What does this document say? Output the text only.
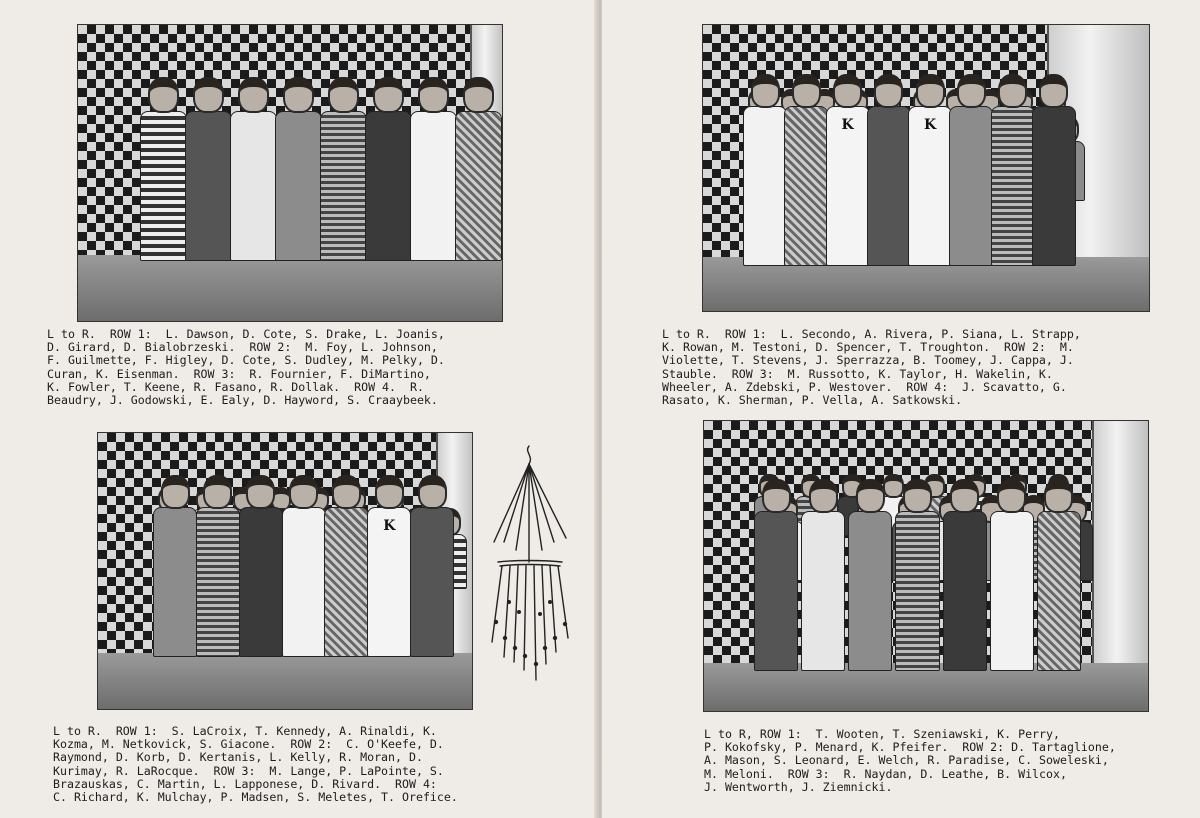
L to R.  ROW 1:  L. Dawson, D. Cote, S. Drake, L. Joanis,
D. Girard, D. Bialobrzeski.  ROW 2:  M. Foy, L. Johnson,
F. Guilmette, F. Higley, D. Cote, S. Dudley, M. Pelky, D.
Curan, K. Eisenman.  ROW 3:  R. Fournier, F. DiMartino,
K. Fowler, T. Keene, R. Fasano, R. Dollak.  ROW 4.  R.
Beaudry, J. Godowski, E. Ealy, D. Hayword, S. Craaybeek.
K
L to R.  ROW 1:  S. LaCroix, T. Kennedy, A. Rinaldi, K.
Kozma, M. Netkovick, S. Giacone.  ROW 2:  C. O'Keefe, D.
Raymond, D. Korb, D. Kertanis, L. Kelly, R. Moran, D.
Kurimay, R. LaRocque.  ROW 3:  M. Lange, P. LaPointe, S.
Brazauskas, C. Martin, L. Lapponese, D. Rivard.  ROW 4:
C. Richard, K. Mulchay, P. Madsen, S. Meletes, T. Orefice.
K	K
L to R.  ROW 1:  L. Secondo, A. Rivera, P. Siana, L. Strapp,
K. Rowan, M. Testoni, D. Spencer, T. Troughton.  ROW 2:  M.
Violette, T. Stevens, J. Sperrazza, B. Toomey, J. Cappa, J.
Stauble.  ROW 3:  M. Russotto, K. Taylor, H. Wakelin, K.
Wheeler, A. Zdebski, P. Westover.  ROW 4:  J. Scavatto, G.
Rasato, K. Sherman, P. Vella, A. Satkowski.
L to R, ROW 1:  T. Wooten, T. Szeniawski, K. Perry,
P. Kokofsky, P. Menard, K. Pfeifer.  ROW 2: D. Tartaglione,
A. Mason, S. Leonard, E. Welch, R. Paradise, C. Soweleski,
M. Meloni.  ROW 3:  R. Naydan, D. Leathe, B. Wilcox,
J. Wentworth, J. Ziemnicki.
